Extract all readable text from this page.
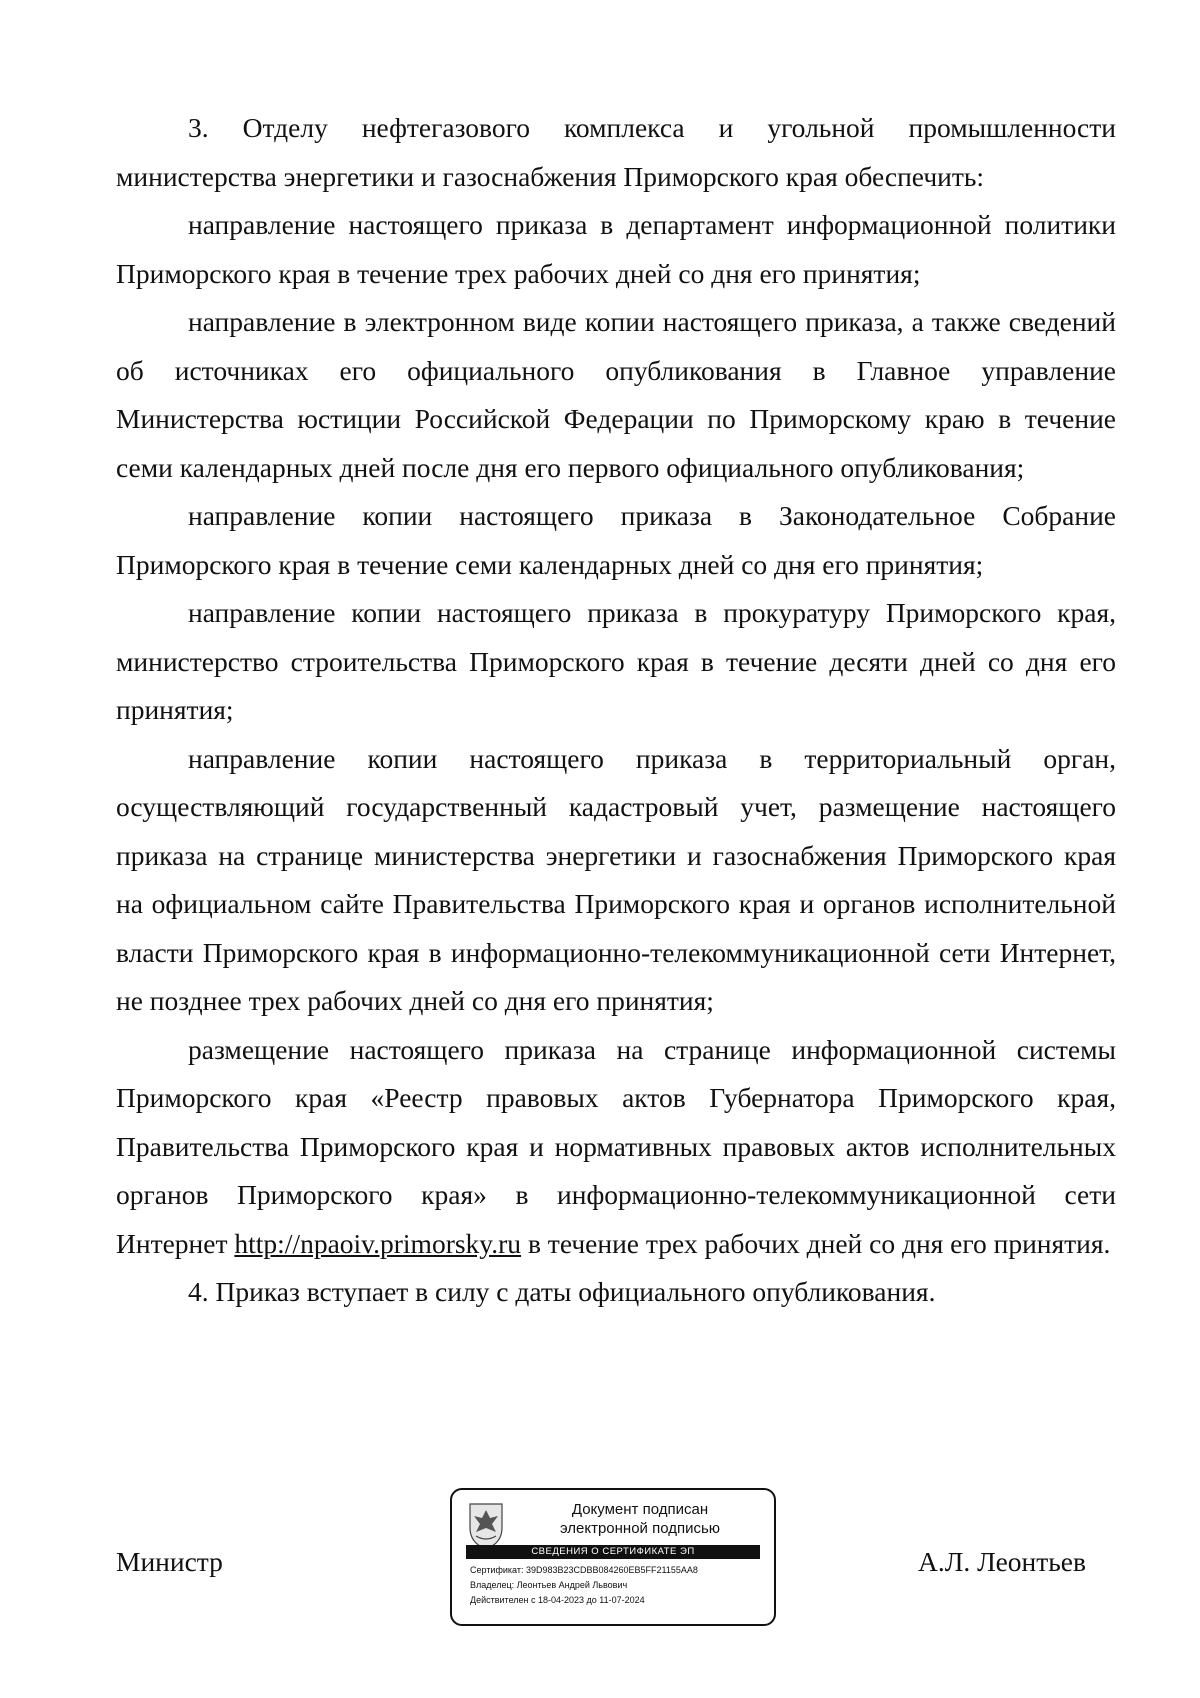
3. Отделу нефтегазового комплекса и угольной промышленности министерства энергетики и газоснабжения Приморского края обеспечить:

направление настоящего приказа в департамент информационной политики Приморского края в течение трех рабочих дней со дня его принятия;

направление в электронном виде копии настоящего приказа, а также сведений об источниках его официального опубликования в Главное управление Министерства юстиции Российской Федерации по Приморскому краю в течение семи календарных дней после дня его первого официального опубликования;

направление копии настоящего приказа в Законодательное Собрание Приморского края в течение семи календарных дней со дня его принятия;

направление копии настоящего приказа в прокуратуру Приморского края, министерство строительства Приморского края в течение десяти дней со дня его принятия;

направление копии настоящего приказа в территориальный орган, осуществляющий государственный кадастровый учет, размещение настоящего приказа на странице министерства энергетики и газоснабжения Приморского края на официальном сайте Правительства Приморского края и органов исполнительной власти Приморского края в информационно-телекоммуникационной сети Интернет, не позднее трех рабочих дней со дня его принятия;

размещение настоящего приказа на странице информационной системы Приморского края «Реестр правовых актов Губернатора Приморского края, Правительства Приморского края и нормативных правовых актов исполнительных органов Приморского края» в информационно-телекоммуникационной сети Интернет http://npaoiv.primorsky.ru в течение трех рабочих дней со дня его принятия.

4. Приказ вступает в силу с даты официального опубликования.

Министр	А.Л. Леонтьев
Документ подписан
электронной подписью
СВЕДЕНИЯ О СЕРТИФИКАТЕ ЭП
Сертификат: 39D983B23CDBB084260EB5FF21155AA8
Владелец: Леонтьев Андрей Львович
Действителен с 18-04-2023 до 11-07-2024
